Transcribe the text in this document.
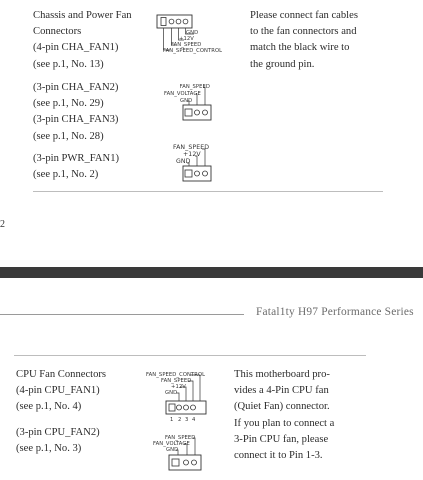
Chassis and Power Fan
Connectors
(4-pin CHA_FAN1)
(see p.1, No. 13)
GND
+12V
FAN_SPEED
FAN_SPEED_CONTROL
Please connect fan cables
to the fan connectors and
match the black wire to
the ground pin.
(3-pin CHA_FAN2)
(see p.1, No. 29)
(3-pin CHA_FAN3)
(see p.1, No. 28)
FAN_SPEED
FAN_VOLTAGE
GND
(3-pin PWR_FAN1)
(see p.1, No. 2)
FAN_SPEED
+12V
GND
2
Fatal1ty H97 Performance Series
CPU Fan Connectors
(4-pin CPU_FAN1)
(see p.1, No. 4)
FAN_SPEED_CONTROL
FAN_SPEED
+12V
GND
1 2 3 4
This motherboard pro-
vides a 4-Pin CPU fan
(Quiet Fan) connector.
If you plan to connect a
3-Pin CPU fan, please
connect it to Pin 1-3.
(3-pin CPU_FAN2)
(see p.1, No. 3)
FAN_SPEED
FAN_VOLTAGE
GND
